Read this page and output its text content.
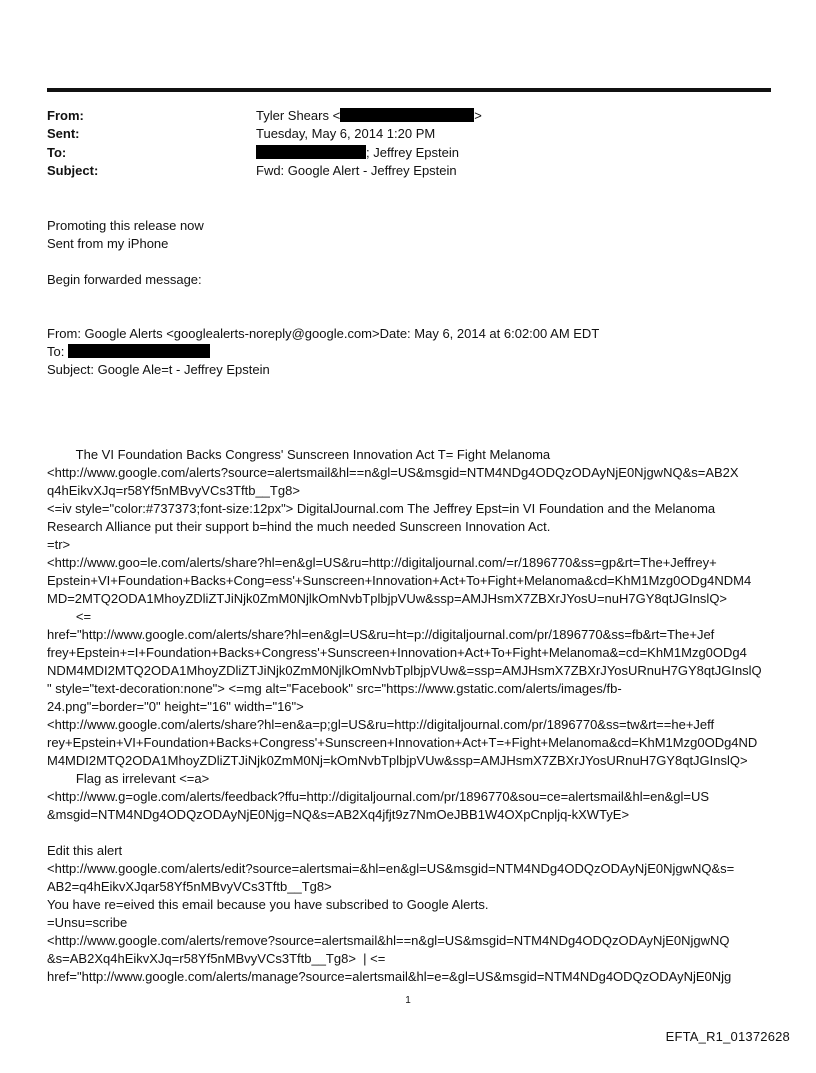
From:	Tyler Shears <	>
Sent:	Tuesday, May 6, 2014 1:20 PM
To:	; Jeffrey Epstein
Subject:	Fwd: Google Alert - Jeffrey Epstein
Promoting this release now
Sent from my iPhone
Begin forwarded message:
From: Google Alerts <googlealerts-noreply@google.com>Date: May 6, 2014 at 6:02:00 AM EDT
To:
Subject: Google Ale=t - Jeffrey Epstein
The VI Foundation Backs Congress' Sunscreen Innovation Act T= Fight Melanoma
<http://www.google.com/alerts?source=alertsmail&hl==n&gl=US&msgid=NTM4NDg4ODQzODAyNjE0NjgwNQ&s=AB2X
q4hEikvXJq=r58Yf5nMBvyVCs3Tftb__Tg8>
<=iv style="color:#737373;font-size:12px"> DigitalJournal.com The Jeffrey Epst=in VI Foundation and the Melanoma
Research Alliance put their support b=hind the much needed Sunscreen Innovation Act.
=tr>
<http://www.goo=le.com/alerts/share?hl=en&gl=US&ru=http://digitaljournal.com/=r/1896770&ss=gp&rt=The+Jeffrey+
Epstein+VI+Foundation+Backs+Cong=ess'+Sunscreen+Innovation+Act+To+Fight+Melanoma&cd=KhM1Mzg0ODg4NDM4
MD=2MTQ2ODA1MhoyZDliZTJiNjk0ZmM0NjlkOmNvbTplbjpVUw&ssp=AMJHsmX7ZBXrJYosU=nuH7GY8qtJGInslQ>
<=
href="http://www.google.com/alerts/share?hl=en&gl=US&ru=ht=p://digitaljournal.com/pr/1896770&ss=fb&rt=The+Jef
frey+Epstein+=I+Foundation+Backs+Congress'+Sunscreen+Innovation+Act+To+Fight+Melanoma&=cd=KhM1Mzg0ODg4
NDM4MDI2MTQ2ODA1MhoyZDliZTJiNjk0ZmM0NjlkOmNvbTplbjpVUw&=ssp=AMJHsmX7ZBXrJYosURnuH7GY8qtJGInslQ
" style="text-decoration:none"> <=mg alt="Facebook" src="https://www.gstatic.com/alerts/images/fb-
24.png"=border="0" height="16" width="16">
<http://www.google.com/alerts/share?hl=en&a=p;gl=US&ru=http://digitaljournal.com/pr/1896770&ss=tw&rt==he+Jeff
rey+Epstein+VI+Foundation+Backs+Congress'+Sunscreen+Innovation+Act+T=+Fight+Melanoma&cd=KhM1Mzg0ODg4ND
M4MDI2MTQ2ODA1MhoyZDliZTJiNjk0ZmM0Nj=kOmNvbTplbjpVUw&ssp=AMJHsmX7ZBXrJYosURnuH7GY8qtJGInslQ>
Flag as irrelevant <=a>
<http://www.g=ogle.com/alerts/feedback?ffu=http://digitaljournal.com/pr/1896770&sou=ce=alertsmail&hl=en&gl=US
&msgid=NTM4NDg4ODQzODAyNjE0Njg=NQ&s=AB2Xq4jfjt9z7NmOeJBB1W4OXpCnpljq-kXWTyE>

Edit this alert
<http://www.google.com/alerts/edit?source=alertsmai=&hl=en&gl=US&msgid=NTM4NDg4ODQzODAyNjE0NjgwNQ&s=
AB2=q4hEikvXJqar58Yf5nMBvyVCs3Tftb__Tg8>
You have re=eived this email because you have subscribed to Google Alerts.
=Unsu=scribe
<http://www.google.com/alerts/remove?source=alertsmail&hl==n&gl=US&msgid=NTM4NDg4ODQzODAyNjE0NjgwNQ
&s=AB2Xq4hEikvXJq=r58Yf5nMBvyVCs3Tftb__Tg8>  | <=
href="http://www.google.com/alerts/manage?source=alertsmail&hl=e=&gl=US&msgid=NTM4NDg4ODQzODAyNjE0Njg
1
EFTA_R1_01372628
